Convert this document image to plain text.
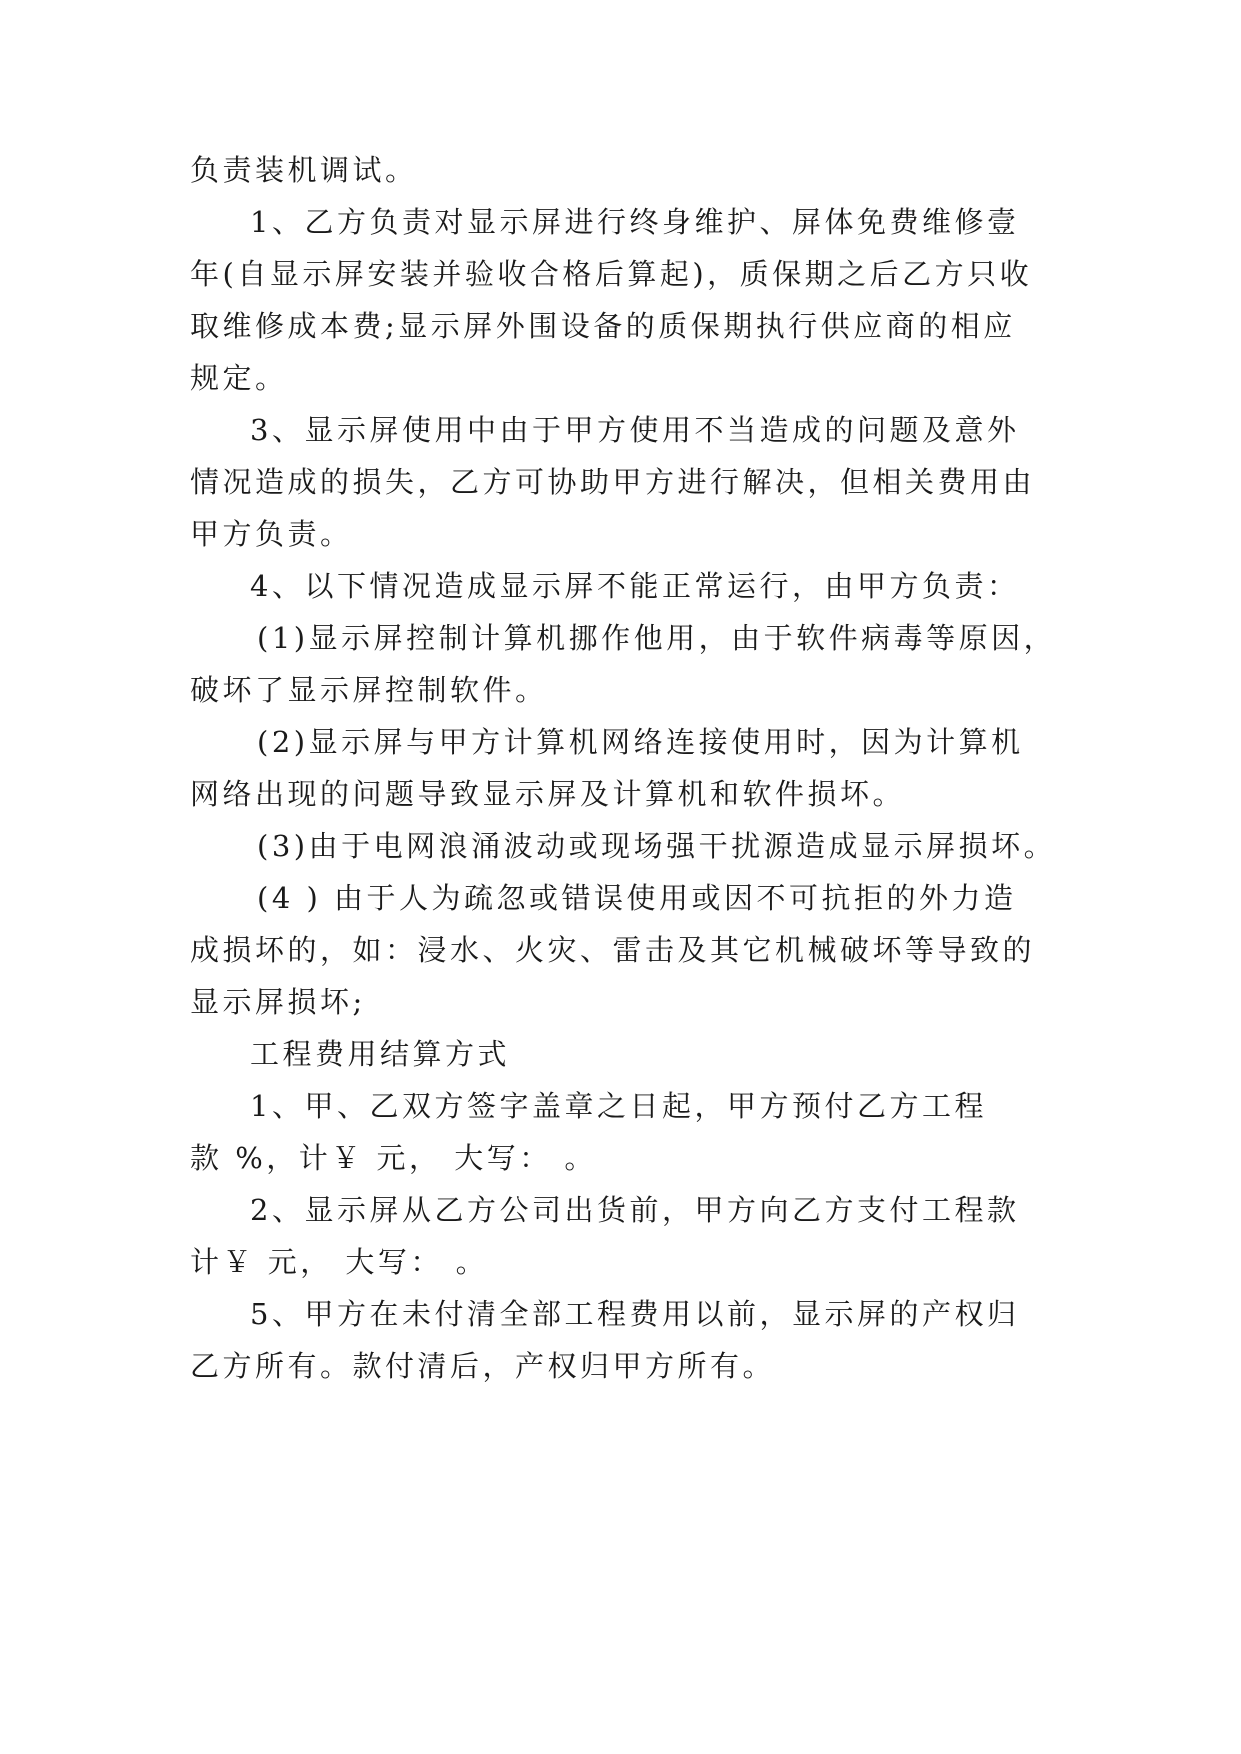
负责装机调试。
1、乙方负责对显示屏进行终身维护、屏体免费维修壹
年(自显示屏安装并验收合格后算起)，质保期之后乙方只收
取维修成本费;显示屏外围设备的质保期执行供应商的相应
规定。
3、显示屏使用中由于甲方使用不当造成的问题及意外
情况造成的损失，乙方可协助甲方进行解决，但相关费用由
甲方负责。
4、以下情况造成显示屏不能正常运行，由甲方负责：
(1)显示屏控制计算机挪作他用，由于软件病毒等原因，
破坏了显示屏控制软件。
(2)显示屏与甲方计算机网络连接使用时，因为计算机
网络出现的问题导致显示屏及计算机和软件损坏。
(3)由于电网浪涌波动或现场强干扰源造成显示屏损坏。
(4 ) 由于人为疏忽或错误使用或因不可抗拒的外力造
成损坏的，如：浸水、火灾、雷击及其它机械破坏等导致的
显示屏损坏;
工程费用结算方式
1、甲、乙双方签字盖章之日起，甲方预付乙方工程
款 %，计￥ 元， 大写： 。
2、显示屏从乙方公司出货前，甲方向乙方支付工程款
计￥ 元， 大写： 。
5、甲方在未付清全部工程费用以前，显示屏的产权归
乙方所有。款付清后，产权归甲方所有。
